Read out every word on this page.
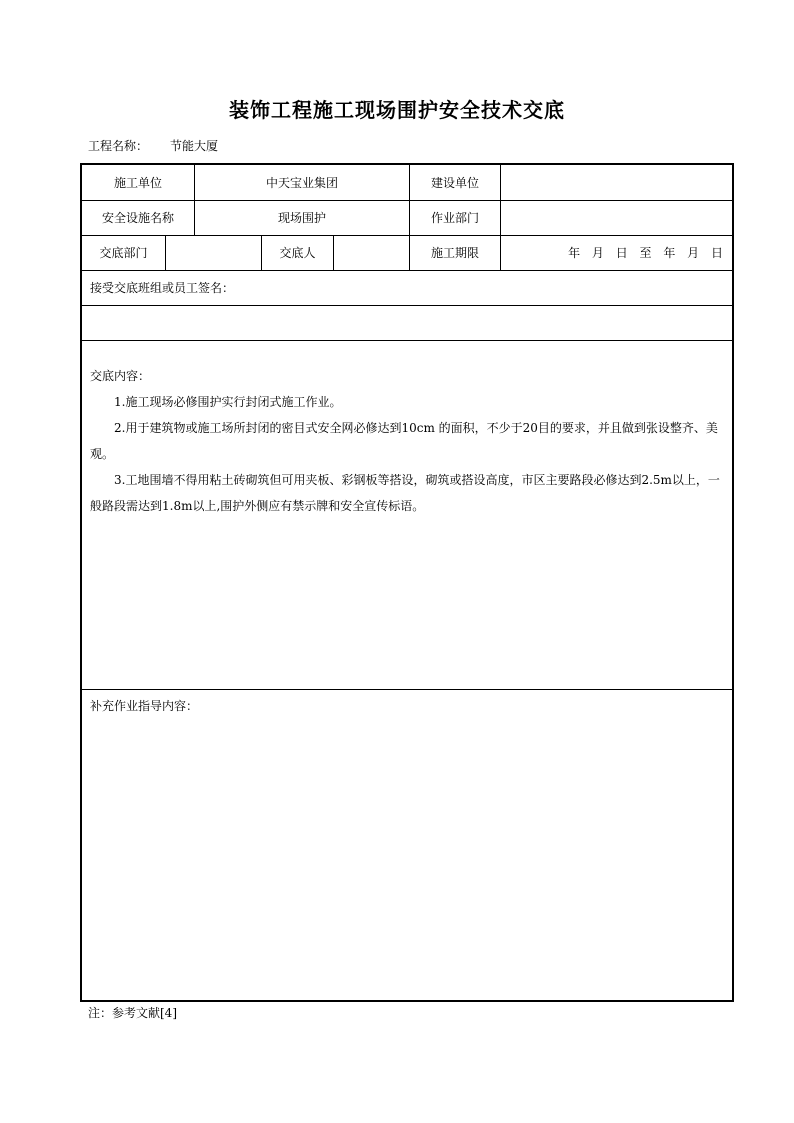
装饰工程施工现场围护安全技术交底
工程名称： 节能大厦
施工单位	中天宝业集团	建设单位
安全设施名称	现场围护	作业部门
交底部门	交底人	施工期限	年 月 日 至 年 月 日
接受交底班组或员工签名：

交底内容：

1.施工现场必修围护实行封闭式施工作业。

2.用于建筑物或施工场所封闭的密目式安全网必修达到10cm 的面积，不少于20目的要求，并且做到张设整齐、美观。

3.工地围墙不得用粘土砖砌筑但可用夹板、彩钢板等搭设，砌筑或搭设高度，市区主要路段必修达到2.5m以上，一般路段需达到1.8m以上,围护外侧应有禁示牌和安全宣传标语。

补充作业指导内容：
注：参考文献[4]
